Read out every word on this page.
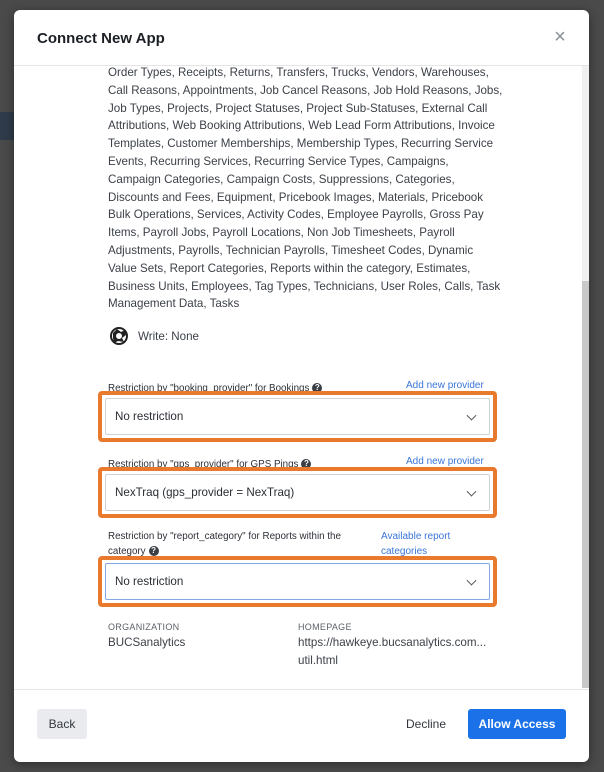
Connect New App	×
Order Types, Receipts, Returns, Transfers, Trucks, Vendors, Warehouses, Call Reasons, Appointments, Job Cancel Reasons, Job Hold Reasons, Jobs, Job Types, Projects, Project Statuses, Project Sub-Statuses, External Call Attributions, Web Booking Attributions, Web Lead Form Attributions, Invoice Templates, Customer Memberships, Membership Types, Recurring Service Events, Recurring Services, Recurring Service Types, Campaigns, Campaign Categories, Campaign Costs, Suppressions, Categories, Discounts and Fees, Equipment, Pricebook Images, Materials, Pricebook Bulk Operations, Services, Activity Codes, Employee Payrolls, Gross Pay Items, Payroll Jobs, Payroll Locations, Non Job Timesheets, Payroll Adjustments, Payrolls, Technician Payrolls, Timesheet Codes, Dynamic Value Sets, Report Categories, Reports within the category, Estimates, Business Units, Employees, Tag Types, Technicians, User Roles, Calls, Task Management Data, Tasks
Write: None
Restriction by "booking_provider" for Bookings ?	Add new provider
No restriction
Restriction by "gps_provider" for GPS Pings ?	Add new provider
NexTraq (gps_provider = NexTraq)
Restriction by "report_category" for Reports within the
category ?
Available report
categories
No restriction
ORGANIZATION
BUCSanalytics
HOMEPAGE
https://hawkeye.bucsanalytics.com...
util.html
Back	Decline	Allow Access
